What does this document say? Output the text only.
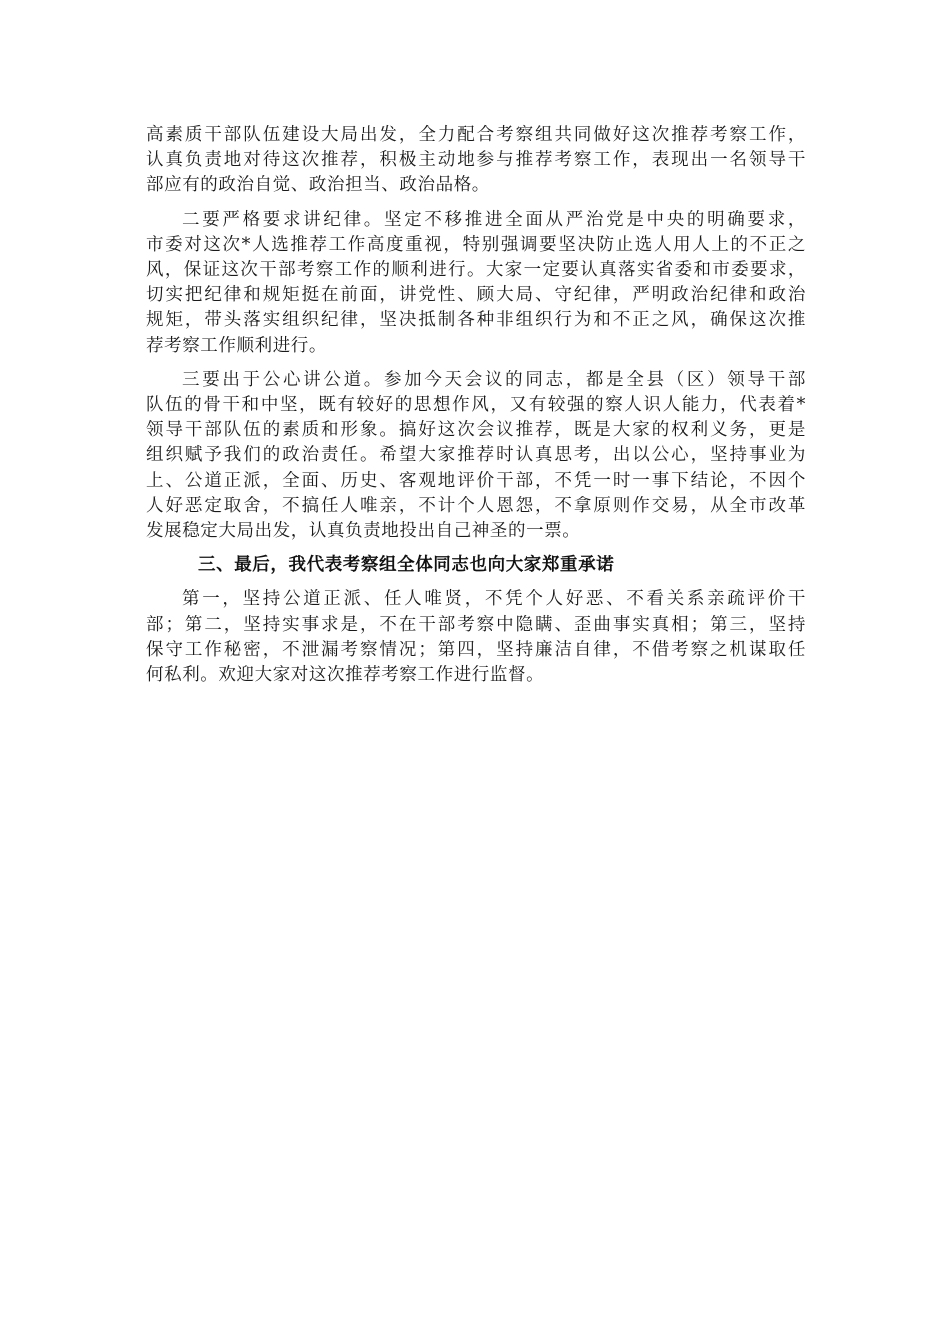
高素质干部队伍建设大局出发，全力配合考察组共同做好这次推荐考察工作，
认真负责地对待这次推荐，积极主动地参与推荐考察工作，表现出一名领导干
部应有的政治自觉、政治担当、政治品格。
二要严格要求讲纪律。坚定不移推进全面从严治党是中央的明确要求，
市委对这次*人选推荐工作高度重视，特别强调要坚决防止选人用人上的不正之
风，保证这次干部考察工作的顺利进行。大家一定要认真落实省委和市委要求，
切实把纪律和规矩挺在前面，讲党性、顾大局、守纪律，严明政治纪律和政治
规矩，带头落实组织纪律，坚决抵制各种非组织行为和不正之风，确保这次推
荐考察工作顺利进行。
三要出于公心讲公道。参加今天会议的同志，都是全县（区）领导干部
队伍的骨干和中坚，既有较好的思想作风，又有较强的察人识人能力，代表着*
领导干部队伍的素质和形象。搞好这次会议推荐，既是大家的权利义务，更是
组织赋予我们的政治责任。希望大家推荐时认真思考，出以公心，坚持事业为
上、公道正派，全面、历史、客观地评价干部，不凭一时一事下结论，不因个
人好恶定取舍，不搞任人唯亲，不计个人恩怨，不拿原则作交易，从全市改革
发展稳定大局出发，认真负责地投出自己神圣的一票。
三、最后，我代表考察组全体同志也向大家郑重承诺
第一，坚持公道正派、任人唯贤，不凭个人好恶、不看关系亲疏评价干
部；第二，坚持实事求是，不在干部考察中隐瞒、歪曲事实真相；第三，坚持
保守工作秘密，不泄漏考察情况；第四，坚持廉洁自律，不借考察之机谋取任
何私利。欢迎大家对这次推荐考察工作进行监督。
